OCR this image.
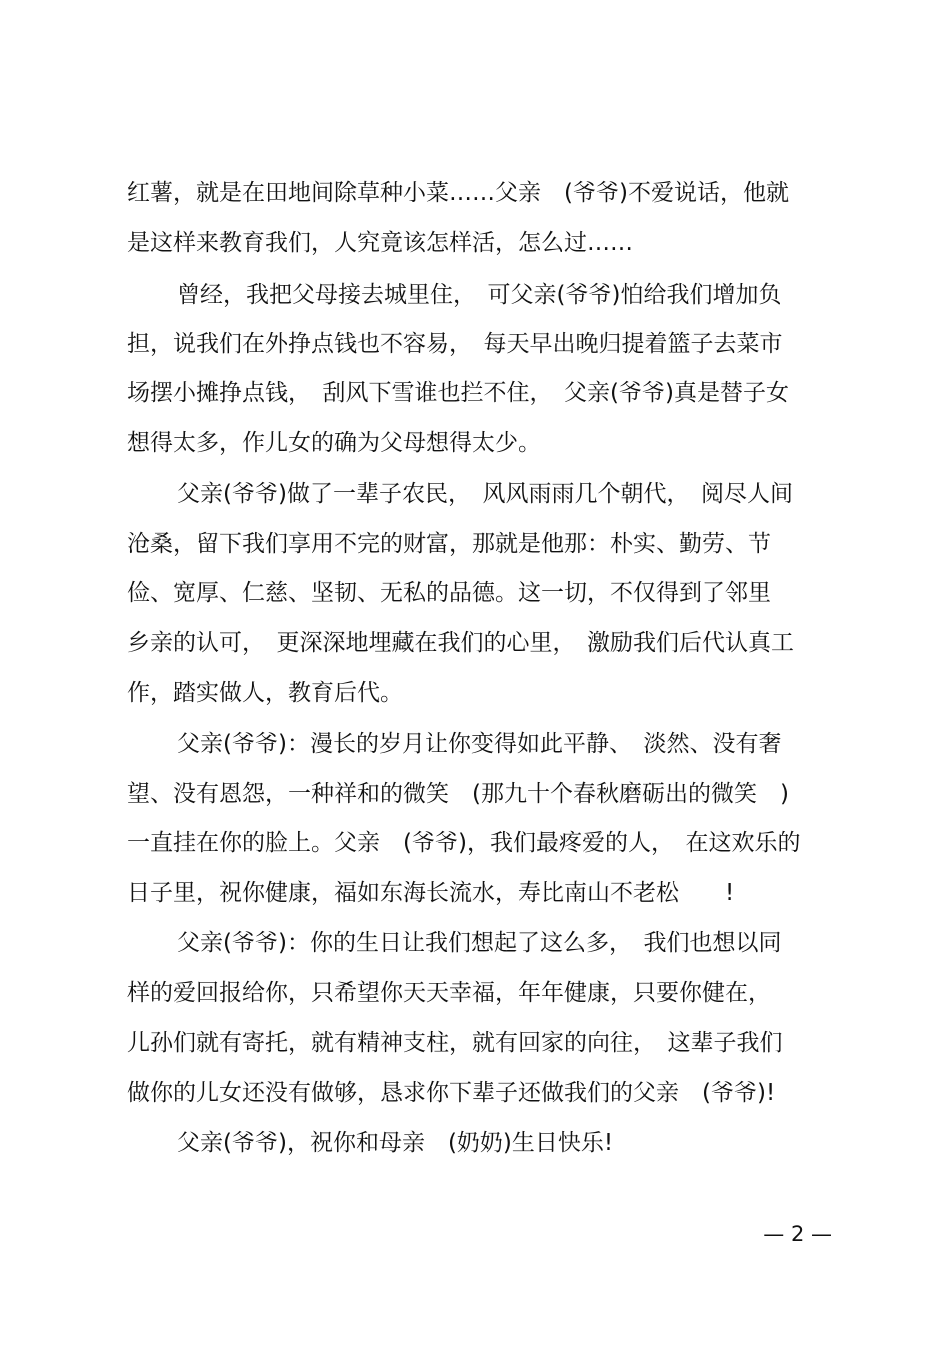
红薯，就是在田地间除草种小菜……父亲　(爷爷)不爱说话，他就
是这样来教育我们，人究竟该怎样活，怎么过……
曾经，我把父母接去城里住，　可父亲(爷爷)怕给我们增加负
担，说我们在外挣点钱也不容易，　每天早出晚归提着篮子去菜市
场摆小摊挣点钱，　刮风下雪谁也拦不住，　父亲(爷爷)真是替子女
想得太多，作儿女的确为父母想得太少。
父亲(爷爷)做了一辈子农民，　风风雨雨几个朝代，　阅尽人间
沧桑，留下我们享用不完的财富，那就是他那：朴实、勤劳、节
俭、宽厚、仁慈、坚韧、无私的品德。这一切，不仅得到了邻里
乡亲的认可，　更深深地埋藏在我们的心里，　激励我们后代认真工
作，踏实做人，教育后代。
父亲(爷爷)：漫长的岁月让你变得如此平静、　淡然、没有奢
望、没有恩怨，一种祥和的微笑　(那九十个春秋磨砺出的微笑　)
一直挂在你的脸上。父亲　(爷爷)，我们最疼爱的人，　在这欢乐的
日子里，祝你健康，福如东海长流水，寿比南山不老松　　!
父亲(爷爷)：你的生日让我们想起了这么多，　我们也想以同
样的爱回报给你，只希望你天天幸福，年年健康，只要你健在，
儿孙们就有寄托，就有精神支柱，就有回家的向往，　这辈子我们
做你的儿女还没有做够，恳求你下辈子还做我们的父亲　(爷爷)!
父亲(爷爷)，祝你和母亲　(奶奶)生日快乐!
— 2 —
